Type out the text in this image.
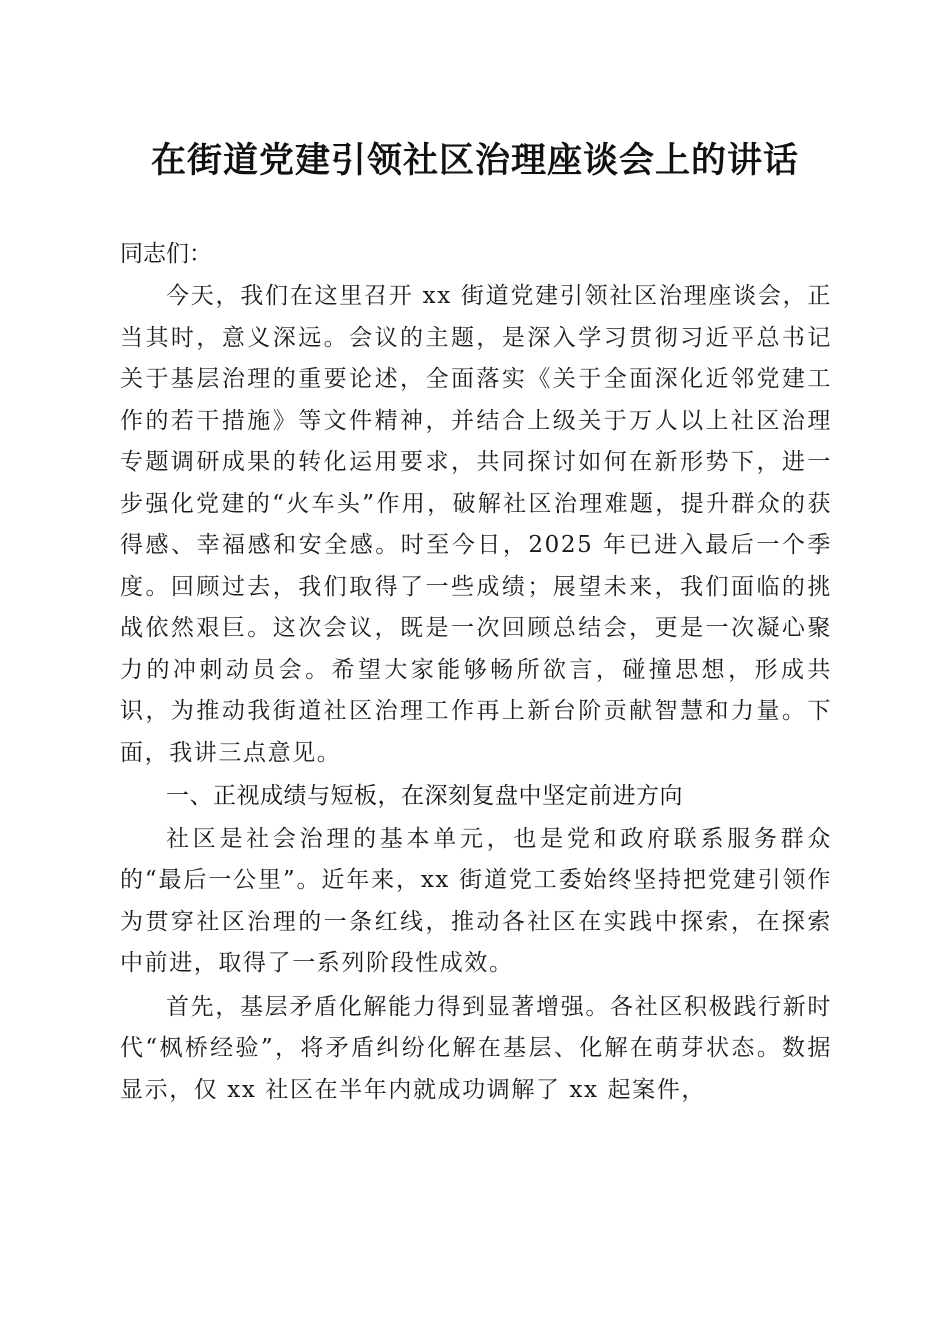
在街道党建引领社区治理座谈会上的讲话
同志们：

今天，我们在这里召开 xx 街道党建引领社区治理座谈会，正当其时，意义深远。会议的主题，是深入学习贯彻习近平总书记关于基层治理的重要论述，全面落实《关于全面深化近邻党建工作的若干措施》等文件精神，并结合上级关于万人以上社区治理专题调研成果的转化运用要求，共同探讨如何在新形势下，进一步强化党建的“火车头”作用，破解社区治理难题，提升群众的获得感、幸福感和安全感。时至今日，2025 年已进入最后一个季度。回顾过去，我们取得了一些成绩；展望未来，我们面临的挑战依然艰巨。这次会议，既是一次回顾总结会，更是一次凝心聚力的冲刺动员会。希望大家能够畅所欲言，碰撞思想，形成共识，为推动我街道社区治理工作再上新台阶贡献智慧和力量。下面，我讲三点意见。

一、正视成绩与短板，在深刻复盘中坚定前进方向

社区是社会治理的基本单元，也是党和政府联系服务群众的“最后一公里”。近年来，xx 街道党工委始终坚持把党建引领作为贯穿社区治理的一条红线，推动各社区在实践中探索，在探索中前进，取得了一系列阶段性成效。

首先，基层矛盾化解能力得到显著增强。各社区积极践行新时代“枫桥经验”，将矛盾纠纷化解在基层、化解在萌芽状态。数据显示，仅 xx 社区在半年内就成功调解了 xx 起案件，
